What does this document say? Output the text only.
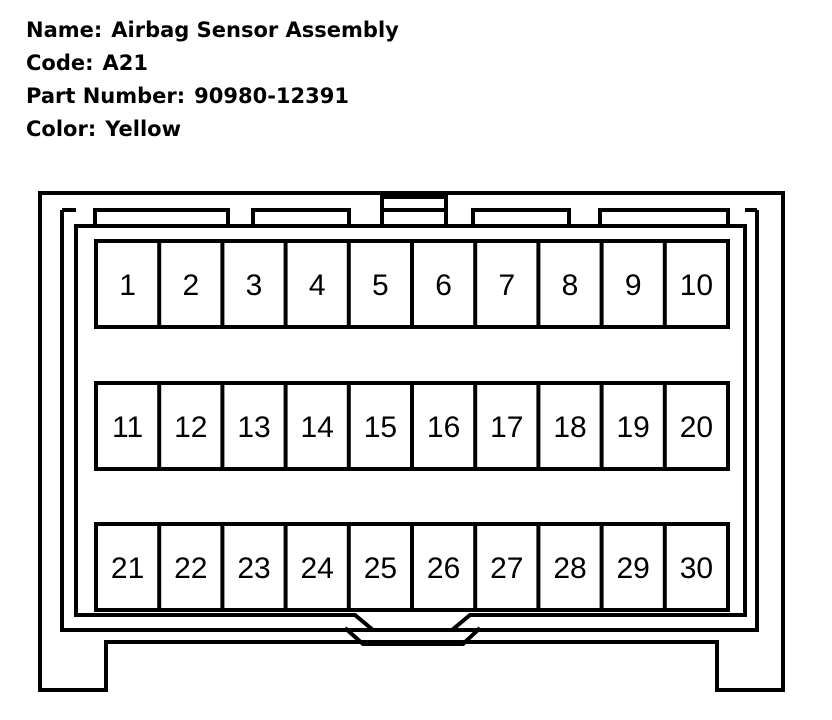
Name: Airbag Sensor Assembly
Code: A21
Part Number: 90980-12391
Color: Yellow
1 2 3 4 5 6 7 8 9 10
11 12 13 14 15 16 17 18 19 20
21 22 23 24 25 26 27 28 29 30
